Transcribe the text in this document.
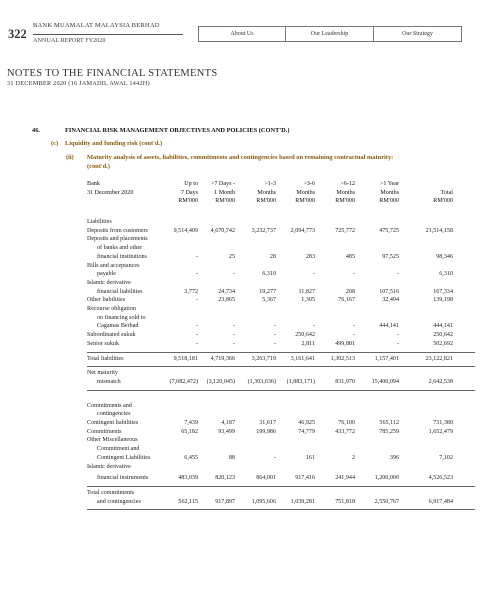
322
BANK MUAMALAT MALAYSIA BERHAD
ANNUAL REPORT FY2020
About Us	Our Leadership	Our Strategy
NOTES TO THE FINANCIAL STATEMENTS
31 DECEMBER 2020 (16 JAMADIL AWAL 1442H)
46.	FINANCIAL RISK MANAGEMENT OBJECTIVES AND POLICIES (CONT'D.)
(c) Liquidity and funding risk (cont'd.)
(ii) Maturity analysis of assets, liabilities, commitments and contingencies based on remaining contractual maturity:
(cont'd.)
Bank
31 December 2020
Up to
7 Days
RM'000
>7 Days -
1 Month
RM'000
>1-3
Months
RM'000
>3-6
Months
RM'000
>6-12
Months
RM'000
>1 Year
Months
RM'000

Total
RM'000
Liabilities
Deposits from customers	9,514,409	4,670,742	3,232,737	2,094,773	725,772	475,725	21,514,158
Deposits and placements
of banks and other
financial institutions	-	25	28	283	485	97,525	98,346
Bills and acceptances
payable	-	-	6,310	-	-	-	6,310
Islamic derivative
financial liabilities	3,772	24,734	19,277	11,827	208	107,516	167,334
Other liabilities	-	23,865	5,367	1,305	76,167	32,494	139,198
Recourse obligation
on financing sold to
Cagamas Berhad	-	-	-	-	-	444,141	444,141
Subordinated sukuk	-	-	-	250,642	-	-	250,642
Senior sukuk	-	-	-	2,811	499,881	-	502,692
Total liabilities	9,518,181	4,719,366	3,263,719	3,161,641	1,302,513	1,157,401	23,122,821
Net maturity
mismatch	(7,082,472)	(3,120,045)	(1,303,636)	(1,883,171)	831,970	15,400,094	2,642,538
Commitments and
contingencies
Contingent liabilities	7,439	4,187	31,617	46,925	76,100	565,112	731,380
Commitments	65,182	93,499	199,986	74,779	433,772	785,259	1,652,479
Other Miscellaneous
Commitment and
Contingent Liabilities	6,455	88	-	161	2	396	7,102
Islamic derivative
financial instruments	483,039	820,123	864,001	917,416	241,944	1,200,000	4,526,523
Total commitments
and contingencies	562,115	917,897	1,095,606	1,039,281	751,818	2,550,767	6,917,484
